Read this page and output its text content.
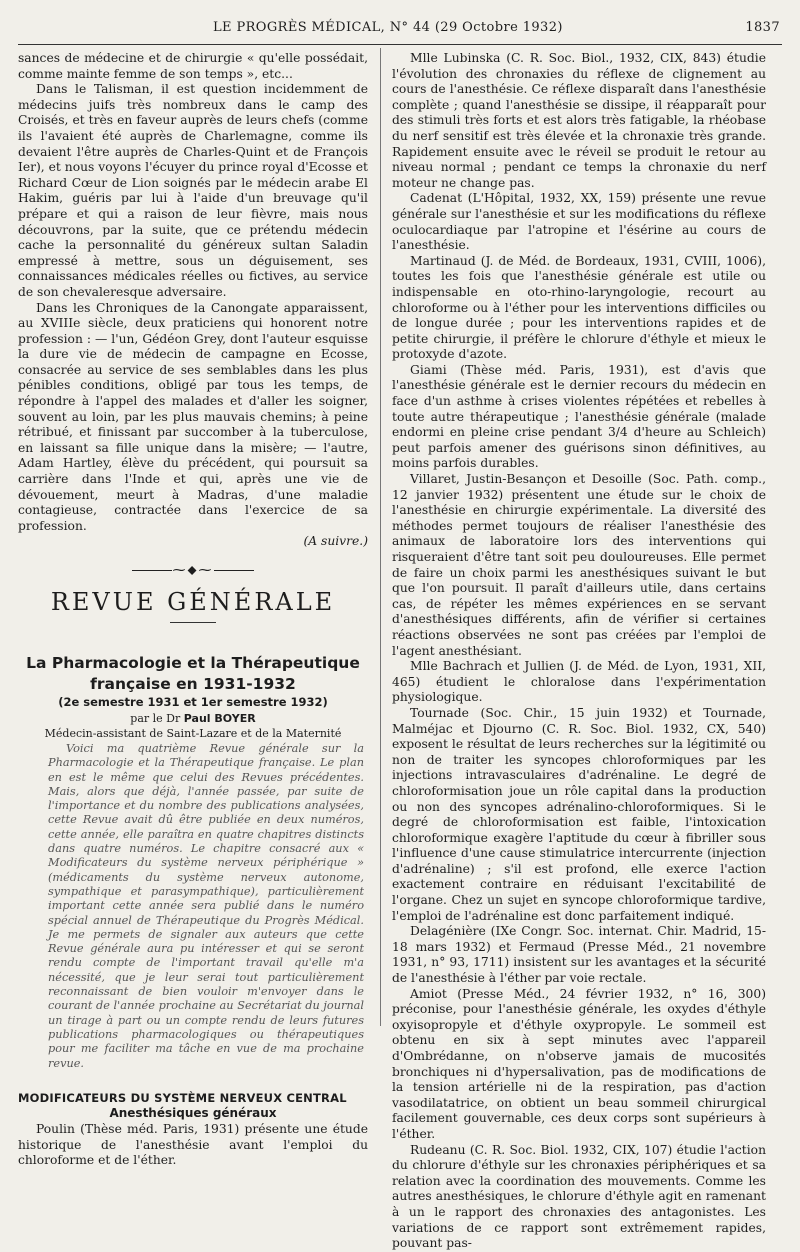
LE PROGRÈS MÉDICAL, N° 44 (29 Octobre 1932)	1837

sances de médecine et de chirurgie « qu'elle possédait, comme mainte femme de son temps », etc...

Dans le Talisman, il est question incidemment de médecins juifs très nombreux dans le camp des Croisés, et très en faveur auprès de leurs chefs (comme ils l'avaient été auprès de Charlemagne, comme ils devaient l'être auprès de Charles-Quint et de François Ier), et nous voyons l'écuyer du prince royal d'Ecosse et Richard Cœur de Lion soignés par le médecin arabe El Hakim, guéris par lui à l'aide d'un breuvage qu'il prépare et qui a raison de leur fièvre, mais nous découvrons, par la suite, que ce prétendu médecin cache la personnalité du généreux sultan Saladin empressé à mettre, sous un déguisement, ses connaissances médicales réelles ou fictives, au service de son chevaleresque adversaire.

Dans les Chroniques de la Canongate apparaissent, au XVIIIe siècle, deux praticiens qui honorent notre profession : — l'un, Gédéon Grey, dont l'auteur esquisse la dure vie de médecin de campagne en Ecosse, consacrée au service de ses semblables dans les plus pénibles conditions, obligé par tous les temps, de répondre à l'appel des malades et d'aller les soigner, souvent au loin, par les plus mauvais chemins; à peine rétribué, et finissant par succomber à la tuberculose, en laissant sa fille unique dans la misère; — l'autre, Adam Hartley, élève du précédent, qui poursuit sa carrière dans l'Inde et qui, après une vie de dévouement, meurt à Madras, d'une maladie contagieuse, contractée dans l'exercice de sa profession.

(A suivre.)

⁓⬥⁓
REVUE GÉNÉRALE

La Pharmacologie et la Thérapeutique

française en 1931-1932

(2e semestre 1931 et 1er semestre 1932)

par le Dr Paul BOYER

Médecin-assistant de Saint-Lazare et de la Maternité

Voici ma quatrième Revue générale sur la Pharmacologie et la Thérapeutique française. Le plan en est le même que celui des Revues précédentes. Mais, alors que déjà, l'année passée, par suite de l'importance et du nombre des publications analysées, cette Revue avait dû être publiée en deux numéros, cette année, elle paraîtra en quatre chapitres distincts dans quatre numéros. Le chapitre consacré aux « Modificateurs du système nerveux périphérique » (médicaments du système nerveux autonome, sympathique et parasympathique), particulièrement important cette année sera publié dans le numéro spécial annuel de Thérapeutique du Progrès Médical. Je me permets de signaler aux auteurs que cette Revue générale aura pu intéresser et qui se seront rendu compte de l'important travail qu'elle m'a nécessité, que je leur serai tout particulièrement reconnaissant de bien vouloir m'envoyer dans le courant de l'année prochaine au Secrétariat du journal un tirage à part ou un compte rendu de leurs futures publications pharmacologiques ou thérapeutiques pour me faciliter ma tâche en vue de ma prochaine revue.

MODIFICATEURS DU SYSTÈME NERVEUX CENTRAL

Anesthésiques généraux

Poulin (Thèse méd. Paris, 1931) présente une étude historique de l'anesthésie avant l'emploi du chloroforme et de l'éther.

Mlle Lubinska (C. R. Soc. Biol., 1932, CIX, 843) étudie l'évolution des chronaxies du réflexe de clignement au cours de l'anesthésie. Ce réflexe disparaît dans l'anesthésie complète ; quand l'anesthésie se dissipe, il réapparaît pour des stimuli très forts et est alors très fatigable, la rhéobase du nerf sensitif est très élevée et la chronaxie très grande. Rapidement ensuite avec le réveil se produit le retour au niveau normal ; pendant ce temps la chronaxie du nerf moteur ne change pas.

Cadenat (L'Hôpital, 1932, XX, 159) présente une revue générale sur l'anesthésie et sur les modifications du réflexe oculocardiaque par l'atropine et l'ésérine au cours de l'anesthésie.

Martinaud (J. de Méd. de Bordeaux, 1931, CVIII, 1006), toutes les fois que l'anesthésie générale est utile ou indispensable en oto-rhino-laryngologie, recourt au chloroforme ou à l'éther pour les interventions difficiles ou de longue durée ; pour les interventions rapides et de petite chirurgie, il préfère le chlorure d'éthyle et mieux le protoxyde d'azote.

Giami (Thèse méd. Paris, 1931), est d'avis que l'anesthésie générale est le dernier recours du médecin en face d'un asthme à crises violentes répétées et rebelles à toute autre thérapeutique ; l'anesthésie générale (malade endormi en pleine crise pendant 3/4 d'heure au Schleich) peut parfois amener des guérisons sinon définitives, au moins parfois durables.

Villaret, Justin-Besançon et Desoille (Soc. Path. comp., 12 janvier 1932) présentent une étude sur le choix de l'anesthésie en chirurgie expérimentale. La diversité des méthodes permet toujours de réaliser l'anesthésie des animaux de laboratoire lors des interventions qui risqueraient d'être tant soit peu douloureuses. Elle permet de faire un choix parmi les anesthésiques suivant le but que l'on poursuit. Il paraît d'ailleurs utile, dans certains cas, de répéter les mêmes expériences en se servant d'anesthésiques différents, afin de vérifier si certaines réactions observées ne sont pas créées par l'emploi de l'agent anesthésiant.

Mlle Bachrach et Jullien (J. de Méd. de Lyon, 1931, XII, 465) étudient le chloralose dans l'expérimentation physiologique.

Tournade (Soc. Chir., 15 juin 1932) et Tournade, Malméjac et Djourno (C. R. Soc. Biol. 1932, CX, 540) exposent le résultat de leurs recherches sur la légitimité ou non de traiter les syncopes chloroformiques par les injections intravasculaires d'adrénaline. Le degré de chloroformisation joue un rôle capital dans la production ou non des syncopes adrénalino-chloroformiques. Si le degré de chloroformisation est faible, l'intoxication chloroformique exagère l'aptitude du cœur à fibriller sous l'influence d'une cause stimulatrice intercurrente (injection d'adrénaline) ; s'il est profond, elle exerce l'action exactement contraire en réduisant l'excitabilité de l'organe. Chez un sujet en syncope chloroformique tardive, l'emploi de l'adrénaline est donc parfaitement indiqué.

Delagénière (IXe Congr. Soc. internat. Chir. Madrid, 15-18 mars 1932) et Fermaud (Presse Méd., 21 novembre 1931, n° 93, 1711) insistent sur les avantages et la sécurité de l'anesthésie à l'éther par voie rectale.

Amiot (Presse Méd., 24 février 1932, n° 16, 300) préconise, pour l'anesthésie générale, les oxydes d'éthyle oxyisopropyle et d'éthyle oxypropyle. Le sommeil est obtenu en six à sept minutes avec l'appareil d'Ombrédanne, on n'observe jamais de mucosités bronchiques ni d'hypersalivation, pas de modifications de la tension artérielle ni de la respiration, pas d'action vasodilatatrice, on obtient un beau sommeil chirurgical facilement gouvernable, ces deux corps sont supérieurs à l'éther.

Rudeanu (C. R. Soc. Biol. 1932, CIX, 107) étudie l'action du chlorure d'éthyle sur les chronaxies périphériques et sa relation avec la coordination des mouvements. Comme les autres anesthésiques, le chlorure d'éthyle agit en ramenant à un le rapport des chronaxies des antagonistes. Les variations de ce rapport sont extrêmement rapides, pouvant pas-
